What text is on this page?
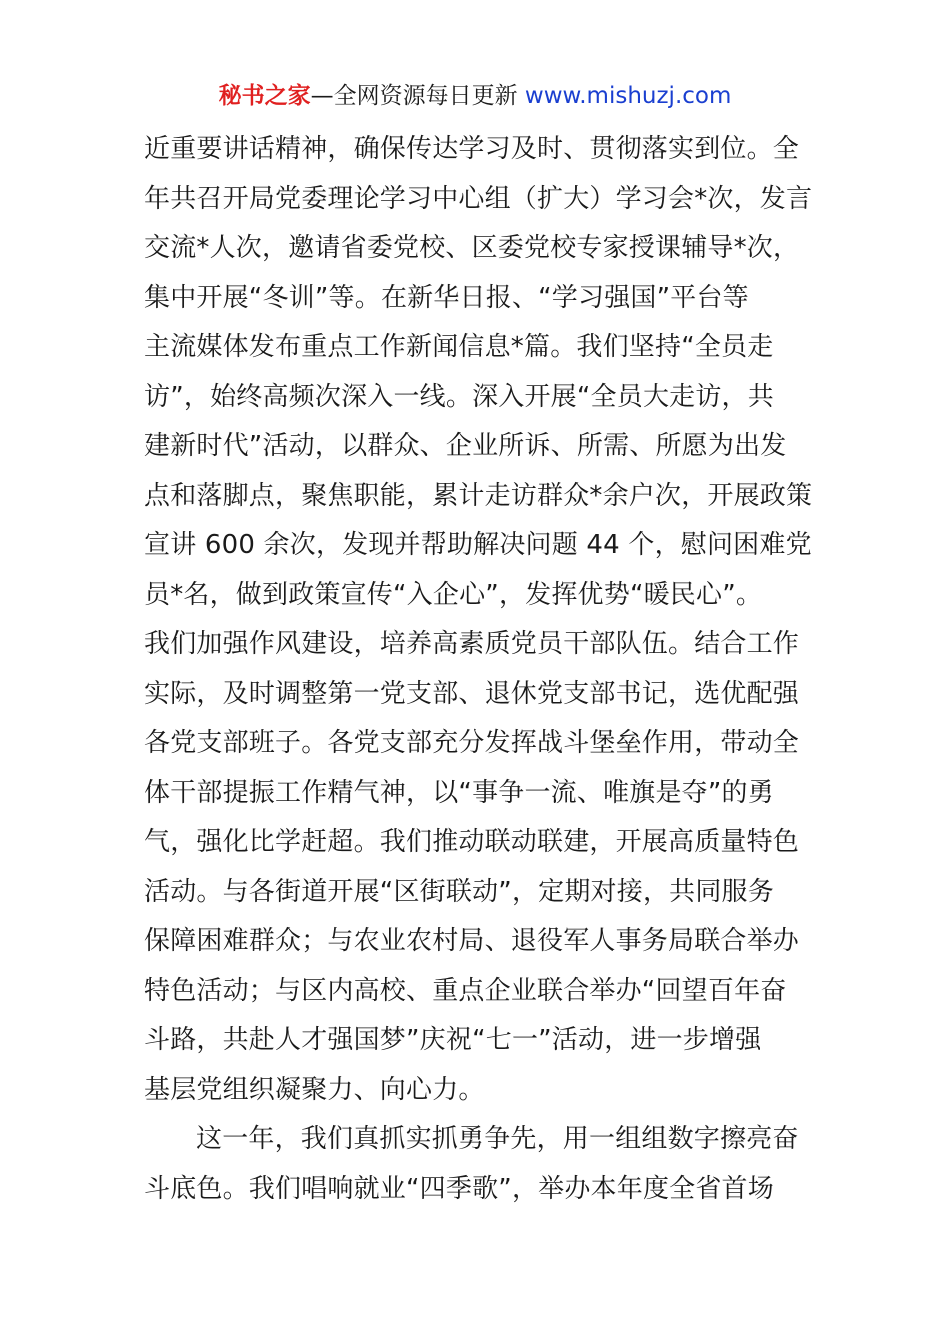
秘书之家—全网资源每日更新 www.mishuzj.com
近重要讲话精神，确保传达学习及时、贯彻落实到位。全
年共召开局党委理论学习中心组（扩大）学习会*次，发言
交流*人次，邀请省委党校、区委党校专家授课辅导*次，
集中开展“冬训”等。在新华日报、“学习强国”平台等
主流媒体发布重点工作新闻信息*篇。我们坚持“全员走
访”，始终高频次深入一线。深入开展“全员大走访，共
建新时代”活动，以群众、企业所诉、所需、所愿为出发
点和落脚点，聚焦职能，累计走访群众*余户次，开展政策
宣讲 600 余次，发现并帮助解决问题 44 个，慰问困难党
员*名，做到政策宣传“入企心”，发挥优势“暖民心”。
我们加强作风建设，培养高素质党员干部队伍。结合工作
实际，及时调整第一党支部、退休党支部书记，选优配强
各党支部班子。各党支部充分发挥战斗堡垒作用，带动全
体干部提振工作精气神，以“事争一流、唯旗是夺”的勇
气，强化比学赶超。我们推动联动联建，开展高质量特色
活动。与各街道开展“区街联动”，定期对接，共同服务
保障困难群众；与农业农村局、退役军人事务局联合举办
特色活动；与区内高校、重点企业联合举办“回望百年奋
斗路，共赴人才强国梦”庆祝“七一”活动，进一步增强
基层党组织凝聚力、向心力。
这一年，我们真抓实抓勇争先，用一组组数字擦亮奋
斗底色。我们唱响就业“四季歌”，举办本年度全省首场
